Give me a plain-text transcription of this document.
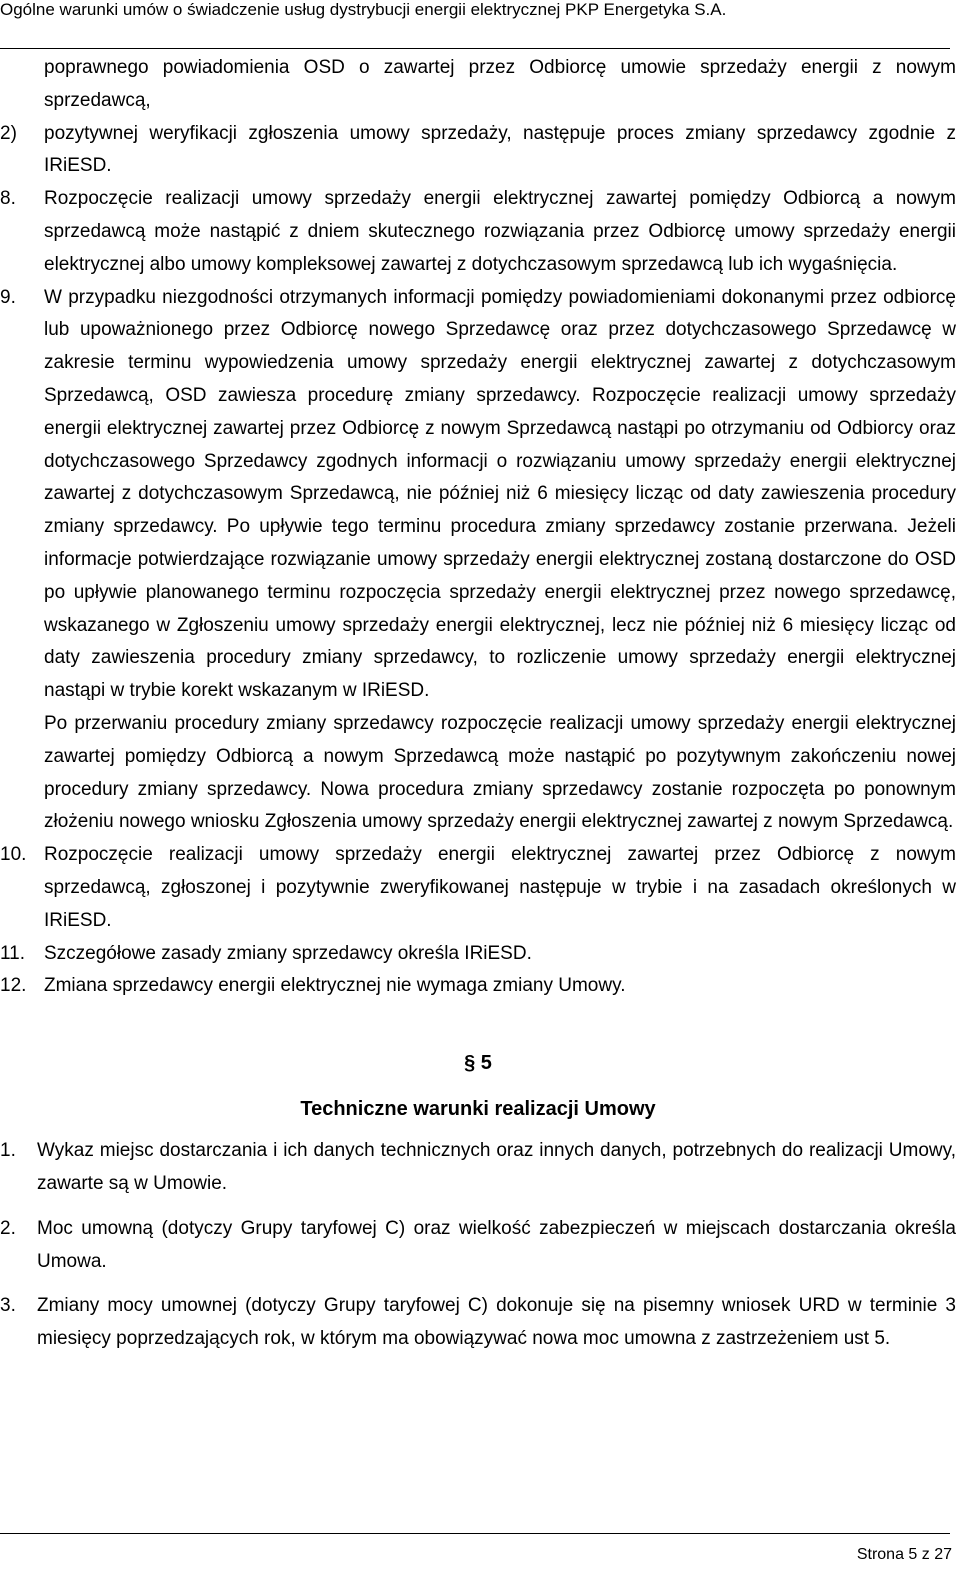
Ogólne warunki umów o świadczenie usług dystrybucji energii elektrycznej PKP Energetyka S.A.
poprawnego powiadomienia OSD o zawartej przez Odbiorcę umowie sprzedaży energii z nowym sprzedawcą,
2) pozytywnej weryfikacji zgłoszenia umowy sprzedaży, następuje proces zmiany sprzedawcy zgodnie z IRiESD.
8. Rozpoczęcie realizacji umowy sprzedaży energii elektrycznej zawartej pomiędzy Odbiorcą a nowym sprzedawcą może nastąpić z dniem skutecznego rozwiązania przez Odbiorcę umowy sprzedaży energii elektrycznej albo umowy kompleksowej zawartej z dotychczasowym sprzedawcą lub ich wygaśnięcia.
9. W przypadku niezgodności otrzymanych informacji pomiędzy powiadomieniami dokonanymi przez odbiorcę lub upoważnionego przez Odbiorcę nowego Sprzedawcę oraz przez dotychczasowego Sprzedawcę w zakresie terminu wypowiedzenia umowy sprzedaży energii elektrycznej zawartej z dotychczasowym Sprzedawcą, OSD zawiesza procedurę zmiany sprzedawcy. Rozpoczęcie realizacji umowy sprzedaży energii elektrycznej zawartej przez Odbiorcę z nowym Sprzedawcą nastąpi po otrzymaniu od Odbiorcy oraz dotychczasowego Sprzedawcy zgodnych informacji o rozwiązaniu umowy sprzedaży energii elektrycznej zawartej z dotychczasowym Sprzedawcą, nie później niż 6 miesięcy licząc od daty zawieszenia procedury zmiany sprzedawcy. Po upływie tego terminu procedura zmiany sprzedawcy zostanie przerwana. Jeżeli informacje potwierdzające rozwiązanie umowy sprzedaży energii elektrycznej zostaną dostarczone do OSD po upływie planowanego terminu rozpoczęcia sprzedaży energii elektrycznej przez nowego sprzedawcę, wskazanego w Zgłoszeniu umowy sprzedaży energii elektrycznej, lecz nie później niż 6 miesięcy licząc od daty zawieszenia procedury zmiany sprzedawcy, to rozliczenie umowy sprzedaży energii elektrycznej nastąpi w trybie korekt wskazanym w IRiESD.
Po przerwaniu procedury zmiany sprzedawcy rozpoczęcie realizacji umowy sprzedaży energii elektrycznej zawartej pomiędzy Odbiorcą a nowym Sprzedawcą może nastąpić po pozytywnym zakończeniu nowej procedury zmiany sprzedawcy. Nowa procedura zmiany sprzedawcy zostanie rozpoczęta po ponownym złożeniu nowego wniosku Zgłoszenia umowy sprzedaży energii elektrycznej zawartej z nowym Sprzedawcą.
10. Rozpoczęcie realizacji umowy sprzedaży energii elektrycznej zawartej przez Odbiorcę z nowym sprzedawcą, zgłoszonej i pozytywnie zweryfikowanej następuje w trybie i na zasadach określonych w IRiESD.
11. Szczegółowe zasady zmiany sprzedawcy określa IRiESD.
12. Zmiana sprzedawcy energii elektrycznej nie wymaga zmiany Umowy.
§ 5
Techniczne warunki realizacji Umowy
1. Wykaz miejsc dostarczania i ich danych technicznych oraz innych danych, potrzebnych do realizacji Umowy, zawarte są w Umowie.
2. Moc umowną (dotyczy Grupy taryfowej C) oraz wielkość zabezpieczeń w miejscach dostarczania określa Umowa.
3. Zmiany mocy umownej (dotyczy Grupy taryfowej C) dokonuje się na pisemny wniosek URD w terminie 3 miesięcy poprzedzających rok, w którym ma obowiązywać nowa moc umowna z zastrzeżeniem ust 5.
Strona 5 z 27
